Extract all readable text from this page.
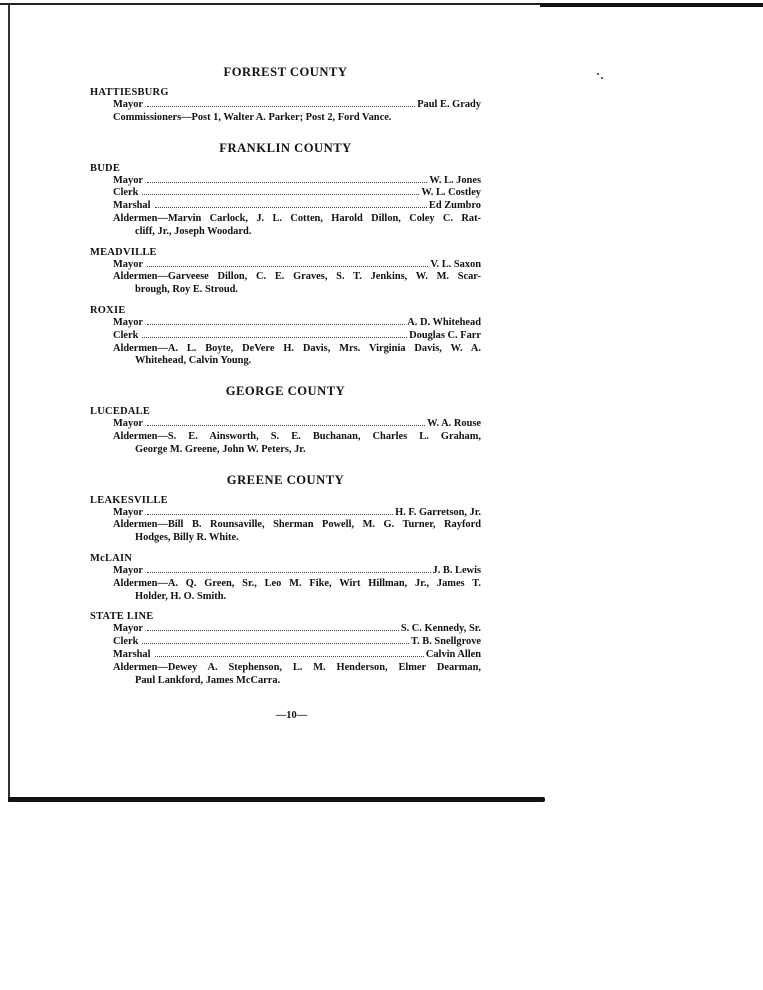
FORREST COUNTY
HATTIESBURG
Mayor	Paul E. Grady
Commissioners—Post 1, Walter A. Parker; Post 2, Ford Vance.
FRANKLIN COUNTY
BUDE
Mayor	W. L. Jones
Clerk	W. L. Costley
Marshal	Ed Zumbro
Aldermen—Marvin Carlock, J. L. Cotten, Harold Dillon, Coley C. Rat-
cliff, Jr., Joseph Woodard.
MEADVILLE
Mayor	V. L. Saxon
Aldermen—Garveese Dillon, C. E. Graves, S. T. Jenkins, W. M. Scar-
brough, Roy E. Stroud.
ROXIE
Mayor	A. D. Whitehead
Clerk	Douglas C. Farr
Aldermen—A. L. Boyte, DeVere H. Davis, Mrs. Virginia Davis, W. A.
Whitehead, Calvin Young.
GEORGE COUNTY
LUCEDALE
Mayor	W. A. Rouse
Aldermen—S. E. Ainsworth, S. E. Buchanan, Charles L. Graham,
George M. Greene, John W. Peters, Jr.
GREENE COUNTY
LEAKESVILLE
Mayor	H. F. Garretson, Jr.
Aldermen—Bill B. Rounsaville, Sherman Powell, M. G. Turner, Rayford
Hodges, Billy R. White.
McLAIN
Mayor	J. B. Lewis
Aldermen—A. Q. Green, Sr., Leo M. Fike, Wirt Hillman, Jr., James T.
Holder, H. O. Smith.
STATE LINE
Mayor	S. C. Kennedy, Sr.
Clerk	T. B. Snellgrove
Marshal	Calvin Allen
Aldermen—Dewey A. Stephenson, L. M. Henderson, Elmer Dearman,
Paul Lankford, James McCarra.
—10—
